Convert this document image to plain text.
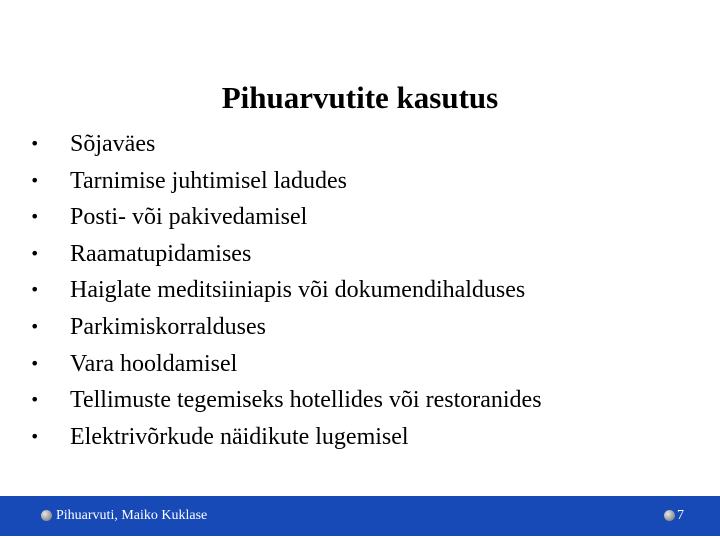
Pihuarvutite kasutus
• Sõjaväes
• Tarnimise juhtimisel ladudes
• Posti- või pakivedamisel
• Raamatupidamises
• Haiglate meditsiiniapis või dokumendihalduses
• Parkimiskorralduses
• Vara hooldamisel
• Tellimuste tegemiseks hotellides või restoranides
• Elektrivõrkude näidikute lugemisel
Pihuarvuti, Maiko Kuklase	7
